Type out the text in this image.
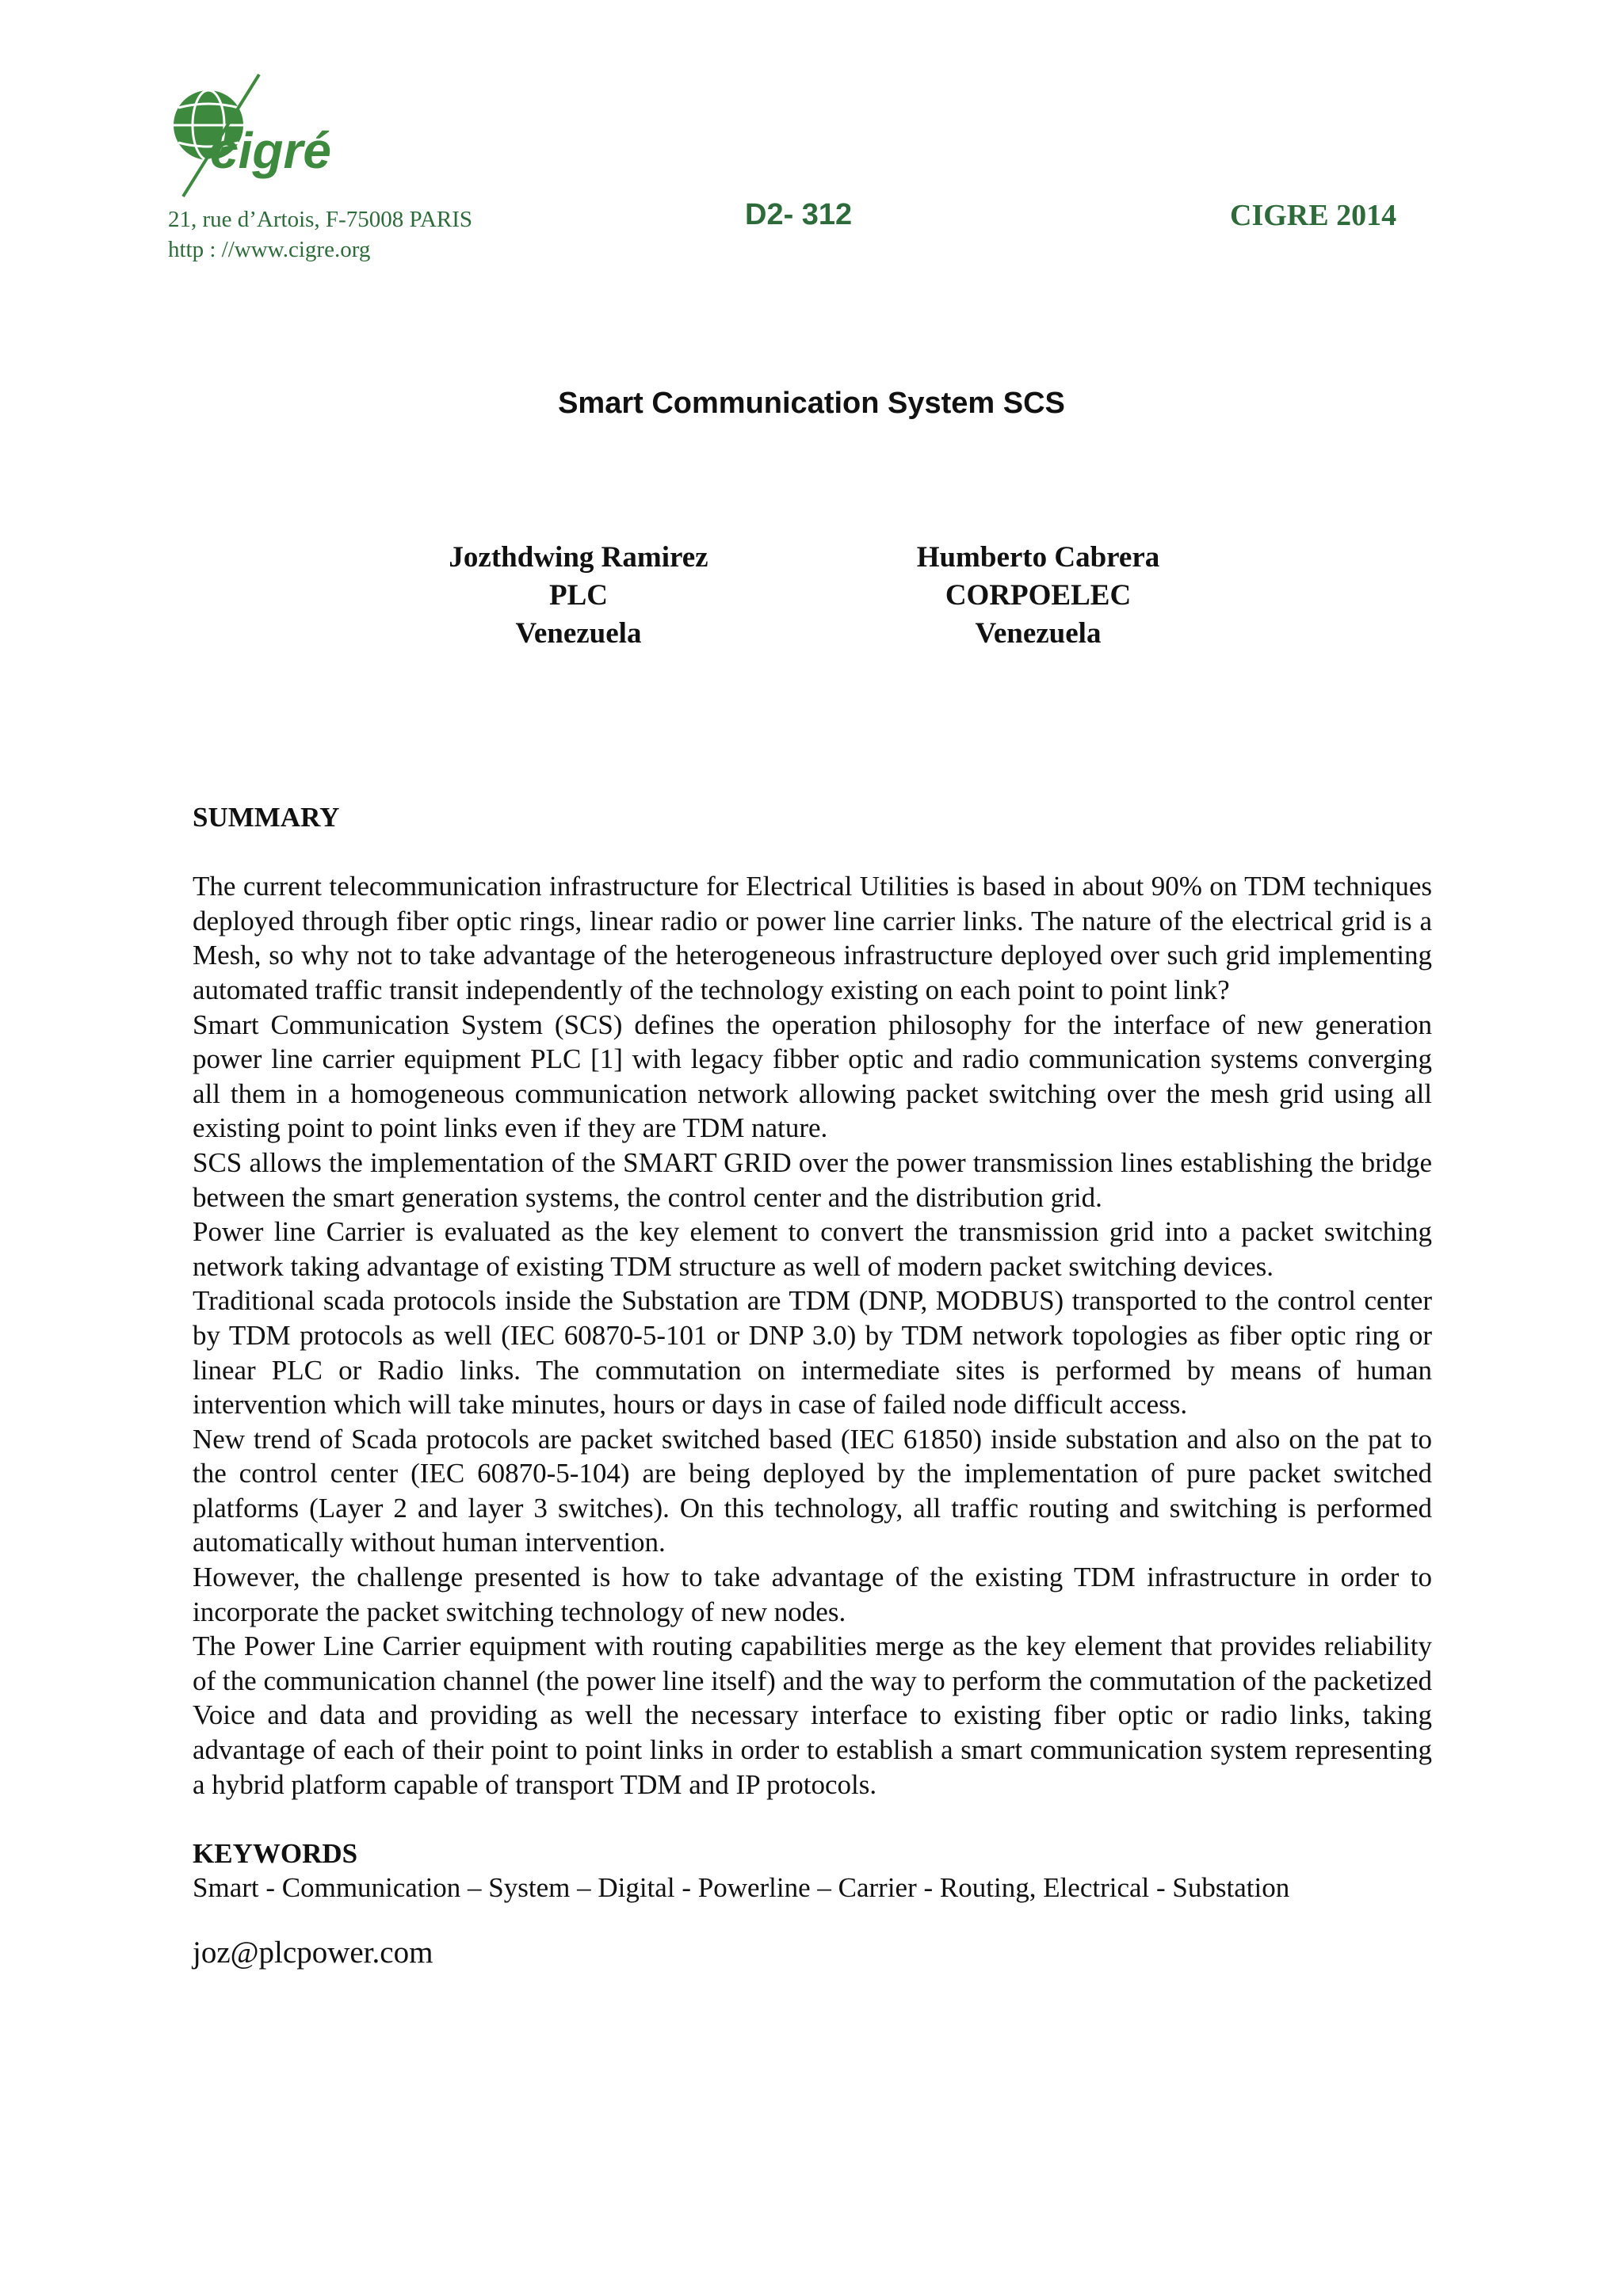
cigré
21, rue d’Artois, F-75008 PARIS
http : //www.cigre.org
D2- 312	CIGRE 2014
Smart Communication System SCS
Jozthdwing Ramirez
PLC
Venezuela
Humberto Cabrera
CORPOELEC
Venezuela
SUMMARY

The current telecommunication infrastructure for Electrical Utilities is based in about 90% on TDM techniques deployed through fiber optic rings, linear radio or power line carrier links. The nature of the electrical grid is a Mesh, so why not to take advantage of the heterogeneous infrastructure deployed over such grid implementing automated traffic transit independently of the technology existing on each point to point link?

Smart Communication System (SCS) defines the operation philosophy for the interface of new generation power line carrier equipment PLC [1] with legacy fibber optic and radio communication systems converging all them in a homogeneous communication network allowing packet switching over the mesh grid using all existing point to point links even if they are TDM nature.

SCS allows the implementation of the SMART GRID over the power transmission lines establishing the bridge between the smart generation systems, the control center and the distribution grid.

Power line Carrier is evaluated as the key element to convert the transmission grid into a packet switching network taking advantage of existing TDM structure as well of modern packet switching devices.

Traditional scada protocols inside the Substation are TDM (DNP, MODBUS) transported to the control center by TDM protocols as well (IEC 60870-5-101 or DNP 3.0) by TDM network topologies as fiber optic ring or linear PLC or Radio links. The commutation on intermediate sites is performed by means of human intervention which will take minutes, hours or days in case of failed node difficult access.

New trend of Scada protocols are packet switched based (IEC 61850) inside substation and also on the pat to the control center (IEC 60870-5-104) are being deployed by the implementation of pure packet switched platforms (Layer 2 and layer 3 switches). On this technology, all traffic routing and switching is performed automatically without human intervention.

However, the challenge presented is how to take advantage of the existing TDM infrastructure in order to incorporate the packet switching technology of new nodes.

The Power Line Carrier equipment with routing capabilities merge as the key element that provides reliability of the communication channel (the power line itself) and the way to perform the commutation of the packetized Voice and data and providing as well the necessary interface to existing fiber optic or radio links, taking advantage of each of their point to point links in order to establish a smart communication system representing a hybrid platform capable of transport TDM and IP protocols.

KEYWORDS
Smart - Communication – System – Digital - Powerline – Carrier - Routing, Electrical - Substation
joz@plcpower.com
